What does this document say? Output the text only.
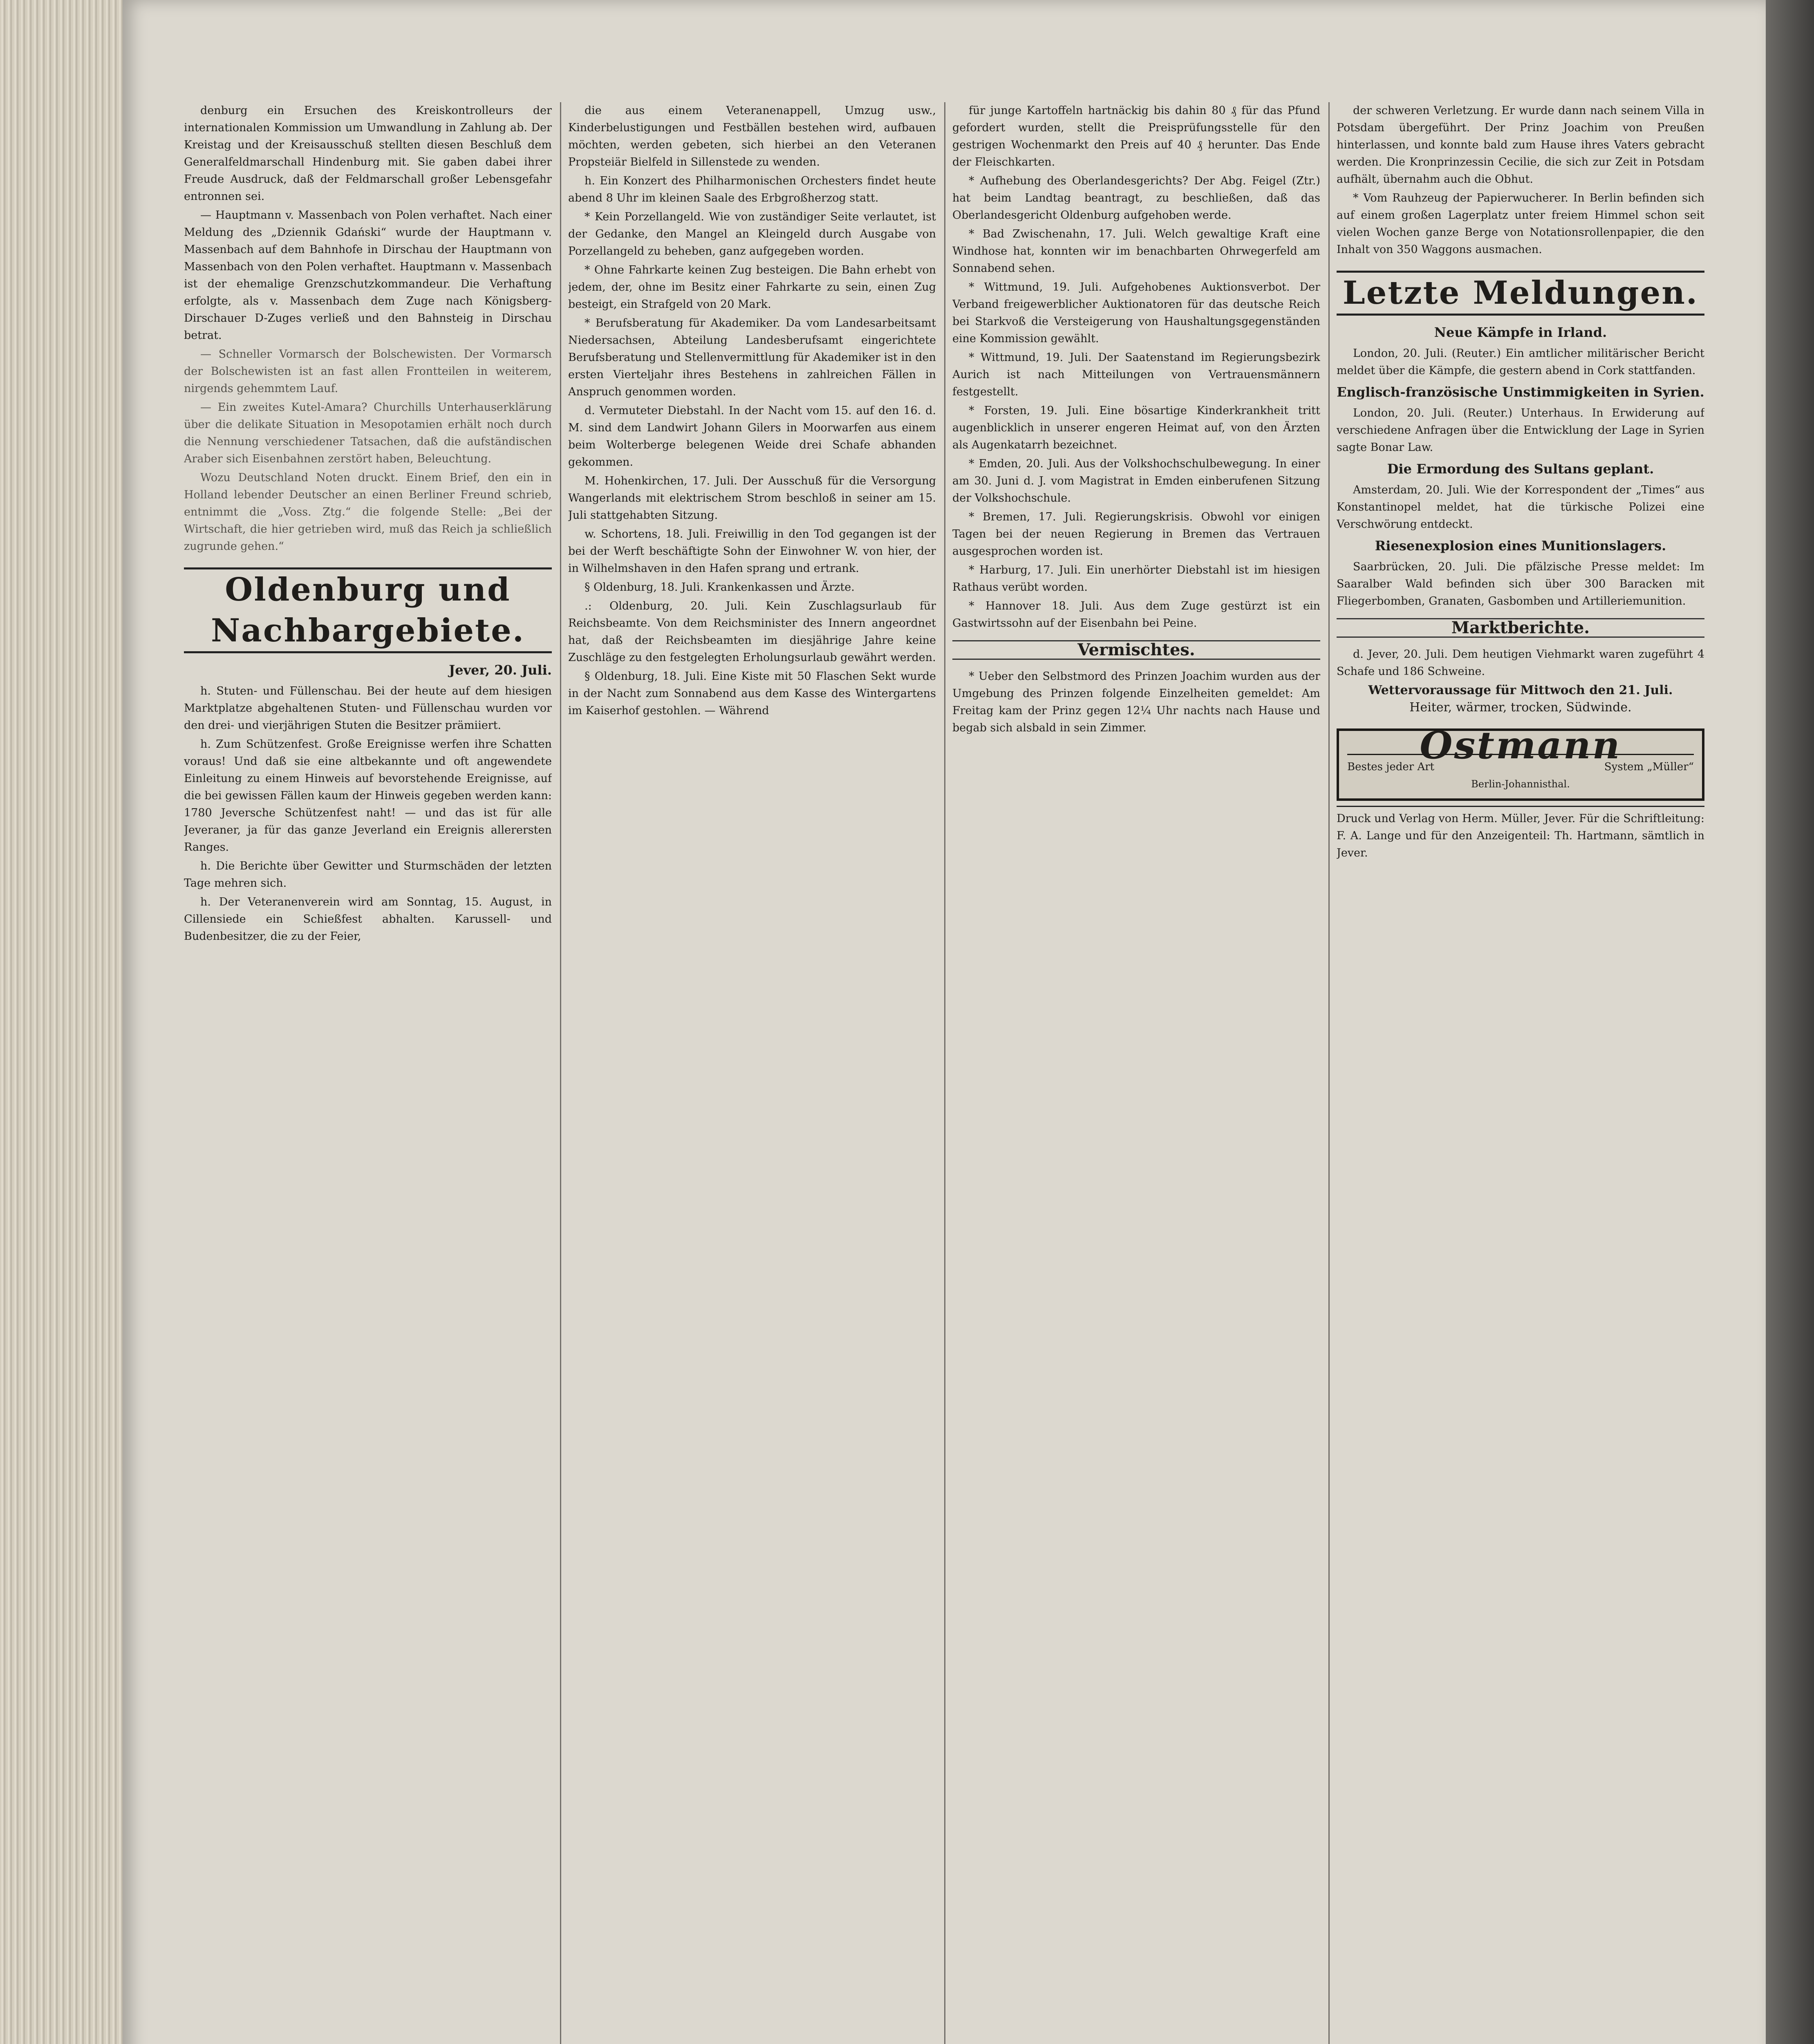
denburg ein Ersuchen des Kreiskontrolleurs der internationalen Kommission um Umwandlung in Zahlung ab. Der Kreistag und der Kreisausschuß stellten diesen Beschluß dem Generalfeldmarschall Hindenburg mit. Sie gaben dabei ihrer Freude Ausdruck, daß der Feldmarschall großer Lebensgefahr entronnen sei.

— Hauptmann v. Massenbach von Polen verhaftet. Nach einer Meldung des „Dziennik Gdański“ wurde der Hauptmann v. Massenbach auf dem Bahnhofe in Dirschau der Hauptmann von Massenbach von den Polen verhaftet. Hauptmann v. Massenbach ist der ehemalige Grenzschutzkommandeur. Die Verhaftung erfolgte, als v. Massenbach dem Zuge nach Königsberg-Dirschauer D-Zuges verließ und den Bahnsteig in Dirschau betrat.

— Schneller Vormarsch der Bolschewisten. Der Vormarsch der Bolschewisten ist an fast allen Frontteilen in weiterem, nirgends gehemmtem Lauf.

— Ein zweites Kutel-Amara? Churchills Unterhauserklärung über die delikate Situation in Mesopotamien erhält noch durch die Nennung verschiedener Tatsachen, daß die aufständischen Araber sich Eisenbahnen zerstört haben, Beleuchtung.

Wozu Deutschland Noten druckt. Einem Brief, den ein in Holland lebender Deutscher an einen Berliner Freund schrieb, entnimmt die „Voss. Ztg.“ die folgende Stelle: „Bei der Wirtschaft, die hier getrieben wird, muß das Reich ja schließlich zugrunde gehen.“

Oldenburg und Nachbargebiete.
Jever, 20. Juli.

h. Stuten- und Füllenschau. Bei der heute auf dem hiesigen Marktplatze abgehaltenen Stuten- und Füllenschau wurden vor den drei- und vierjährigen Stuten die Besitzer prämiiert.

h. Zum Schützenfest. Große Ereignisse werfen ihre Schatten voraus! Und daß sie eine altbekannte und oft angewendete Einleitung zu einem Hinweis auf bevorstehende Ereignisse, auf die bei gewissen Fällen kaum der Hinweis gegeben werden kann: 1780 Jeversche Schützenfest naht! — und das ist für alle Jeveraner, ja für das ganze Jeverland ein Ereignis allerersten Ranges.

h. Die Berichte über Gewitter und Sturmschäden der letzten Tage mehren sich.

h. Der Veteranenverein wird am Sonntag, 15. August, in Cillensiede ein Schießfest abhalten. Karussell- und Budenbesitzer, die zu der Feier,

die aus einem Veteranenappell, Umzug usw., Kinderbelustigungen und Festbällen bestehen wird, aufbauen möchten, werden gebeten, sich hierbei an den Veteranen Propsteiär Bielfeld in Sillenstede zu wenden.

h. Ein Konzert des Philharmonischen Orchesters findet heute abend 8 Uhr im kleinen Saale des Erbgroßherzog statt.

* Kein Porzellangeld. Wie von zuständiger Seite verlautet, ist der Gedanke, den Mangel an Kleingeld durch Ausgabe von Porzellangeld zu beheben, ganz aufgegeben worden.

* Ohne Fahrkarte keinen Zug besteigen. Die Bahn erhebt von jedem, der, ohne im Besitz einer Fahrkarte zu sein, einen Zug besteigt, ein Strafgeld von 20 Mark.

* Berufsberatung für Akademiker. Da vom Landesarbeitsamt Niedersachsen, Abteilung Landesberufsamt eingerichtete Berufsberatung und Stellenvermittlung für Akademiker ist in den ersten Vierteljahr ihres Bestehens in zahlreichen Fällen in Anspruch genommen worden.

d. Vermuteter Diebstahl. In der Nacht vom 15. auf den 16. d. M. sind dem Landwirt Johann Gilers in Moorwarfen aus einem beim Wolterberge belegenen Weide drei Schafe abhanden gekommen.

M. Hohenkirchen, 17. Juli. Der Ausschuß für die Versorgung Wangerlands mit elektrischem Strom beschloß in seiner am 15. Juli stattgehabten Sitzung.

w. Schortens, 18. Juli. Freiwillig in den Tod gegangen ist der bei der Werft beschäftigte Sohn der Einwohner W. von hier, der in Wilhelmshaven in den Hafen sprang und ertrank.

§ Oldenburg, 18. Juli. Krankenkassen und Ärzte.

.: Oldenburg, 20. Juli. Kein Zuschlagsurlaub für Reichsbeamte. Von dem Reichsminister des Innern angeordnet hat, daß der Reichsbeamten im diesjährige Jahre keine Zuschläge zu den festgelegten Erholungsurlaub gewährt werden.

§ Oldenburg, 18. Juli. Eine Kiste mit 50 Flaschen Sekt wurde in der Nacht zum Sonnabend aus dem Kasse des Wintergartens im Kaiserhof gestohlen. — Während

für junge Kartoffeln hartnäckig bis dahin 80 ₰ für das Pfund gefordert wurden, stellt die Preisprüfungsstelle für den gestrigen Wochenmarkt den Preis auf 40 ₰ herunter. Das Ende der Fleischkarten.

* Aufhebung des Oberlandesgerichts? Der Abg. Feigel (Ztr.) hat beim Landtag beantragt, zu beschließen, daß das Oberlandesgericht Oldenburg aufgehoben werde.

* Bad Zwischenahn, 17. Juli. Welch gewaltige Kraft eine Windhose hat, konnten wir im benachbarten Ohrwegerfeld am Sonnabend sehen.

* Wittmund, 19. Juli. Aufgehobenes Auktionsverbot. Der Verband freigewerblicher Auktionatoren für das deutsche Reich bei Starkvoß die Versteigerung von Haushaltungsgegenständen eine Kommission gewählt.

* Wittmund, 19. Juli. Der Saatenstand im Regierungsbezirk Aurich ist nach Mitteilungen von Vertrauensmännern festgestellt.

* Forsten, 19. Juli. Eine bösartige Kinderkrankheit tritt augenblicklich in unserer engeren Heimat auf, von den Ärzten als Augenkatarrh bezeichnet.

* Emden, 20. Juli. Aus der Volkshochschulbewegung. In einer am 30. Juni d. J. vom Magistrat in Emden einberufenen Sitzung der Volkshochschule.

* Bremen, 17. Juli. Regierungskrisis. Obwohl vor einigen Tagen bei der neuen Regierung in Bremen das Vertrauen ausgesprochen worden ist.

* Harburg, 17. Juli. Ein unerhörter Diebstahl ist im hiesigen Rathaus verübt worden.

* Hannover 18. Juli. Aus dem Zuge gestürzt ist ein Gastwirtssohn auf der Eisenbahn bei Peine.

Vermischtes.

* Ueber den Selbstmord des Prinzen Joachim wurden aus der Umgebung des Prinzen folgende Einzelheiten gemeldet: Am Freitag kam der Prinz gegen 12¼ Uhr nachts nach Hause und begab sich alsbald in sein Zimmer.

der schweren Verletzung. Er wurde dann nach seinem Villa in Potsdam übergeführt. Der Prinz Joachim von Preußen hinterlassen, und konnte bald zum Hause ihres Vaters gebracht werden. Die Kronprinzessin Cecilie, die sich zur Zeit in Potsdam aufhält, übernahm auch die Obhut.

* Vom Rauhzeug der Papierwucherer. In Berlin befinden sich auf einem großen Lagerplatz unter freiem Himmel schon seit vielen Wochen ganze Berge von Notationsrollenpapier, die den Inhalt von 350 Waggons ausmachen.

Letzte Meldungen.
Neue Kämpfe in Irland.

London, 20. Juli. (Reuter.) Ein amtlicher militärischer Bericht meldet über die Kämpfe, die gestern abend in Cork stattfanden.

Englisch-französische Unstimmigkeiten in Syrien.

London, 20. Juli. (Reuter.) Unterhaus. In Erwiderung auf verschiedene Anfragen über die Entwicklung der Lage in Syrien sagte Bonar Law.

Die Ermordung des Sultans geplant.

Amsterdam, 20. Juli. Wie der Korrespondent der „Times“ aus Konstantinopel meldet, hat die türkische Polizei eine Verschwörung entdeckt.

Riesenexplosion eines Munitionslagers.

Saarbrücken, 20. Juli. Die pfälzische Presse meldet: Im Saaralber Wald befinden sich über 300 Baracken mit Fliegerbomben, Granaten, Gasbomben und Artilleriemunition.

Marktberichte.

d. Jever, 20. Juli. Dem heutigen Viehmarkt waren zugeführt 4 Schafe und 186 Schweine.

Wettervoraussage für Mittwoch den 21. Juli.
Heiter, wärmer, trocken, Südwinde.
Ostmann
Bestes jeder Art	System „Müller“
Berlin-Johannisthal.
Druck und Verlag von Herm. Müller, Jever. Für die Schriftleitung: F. A. Lange und für den Anzeigenteil: Th. Hartmann, sämtlich in Jever.
